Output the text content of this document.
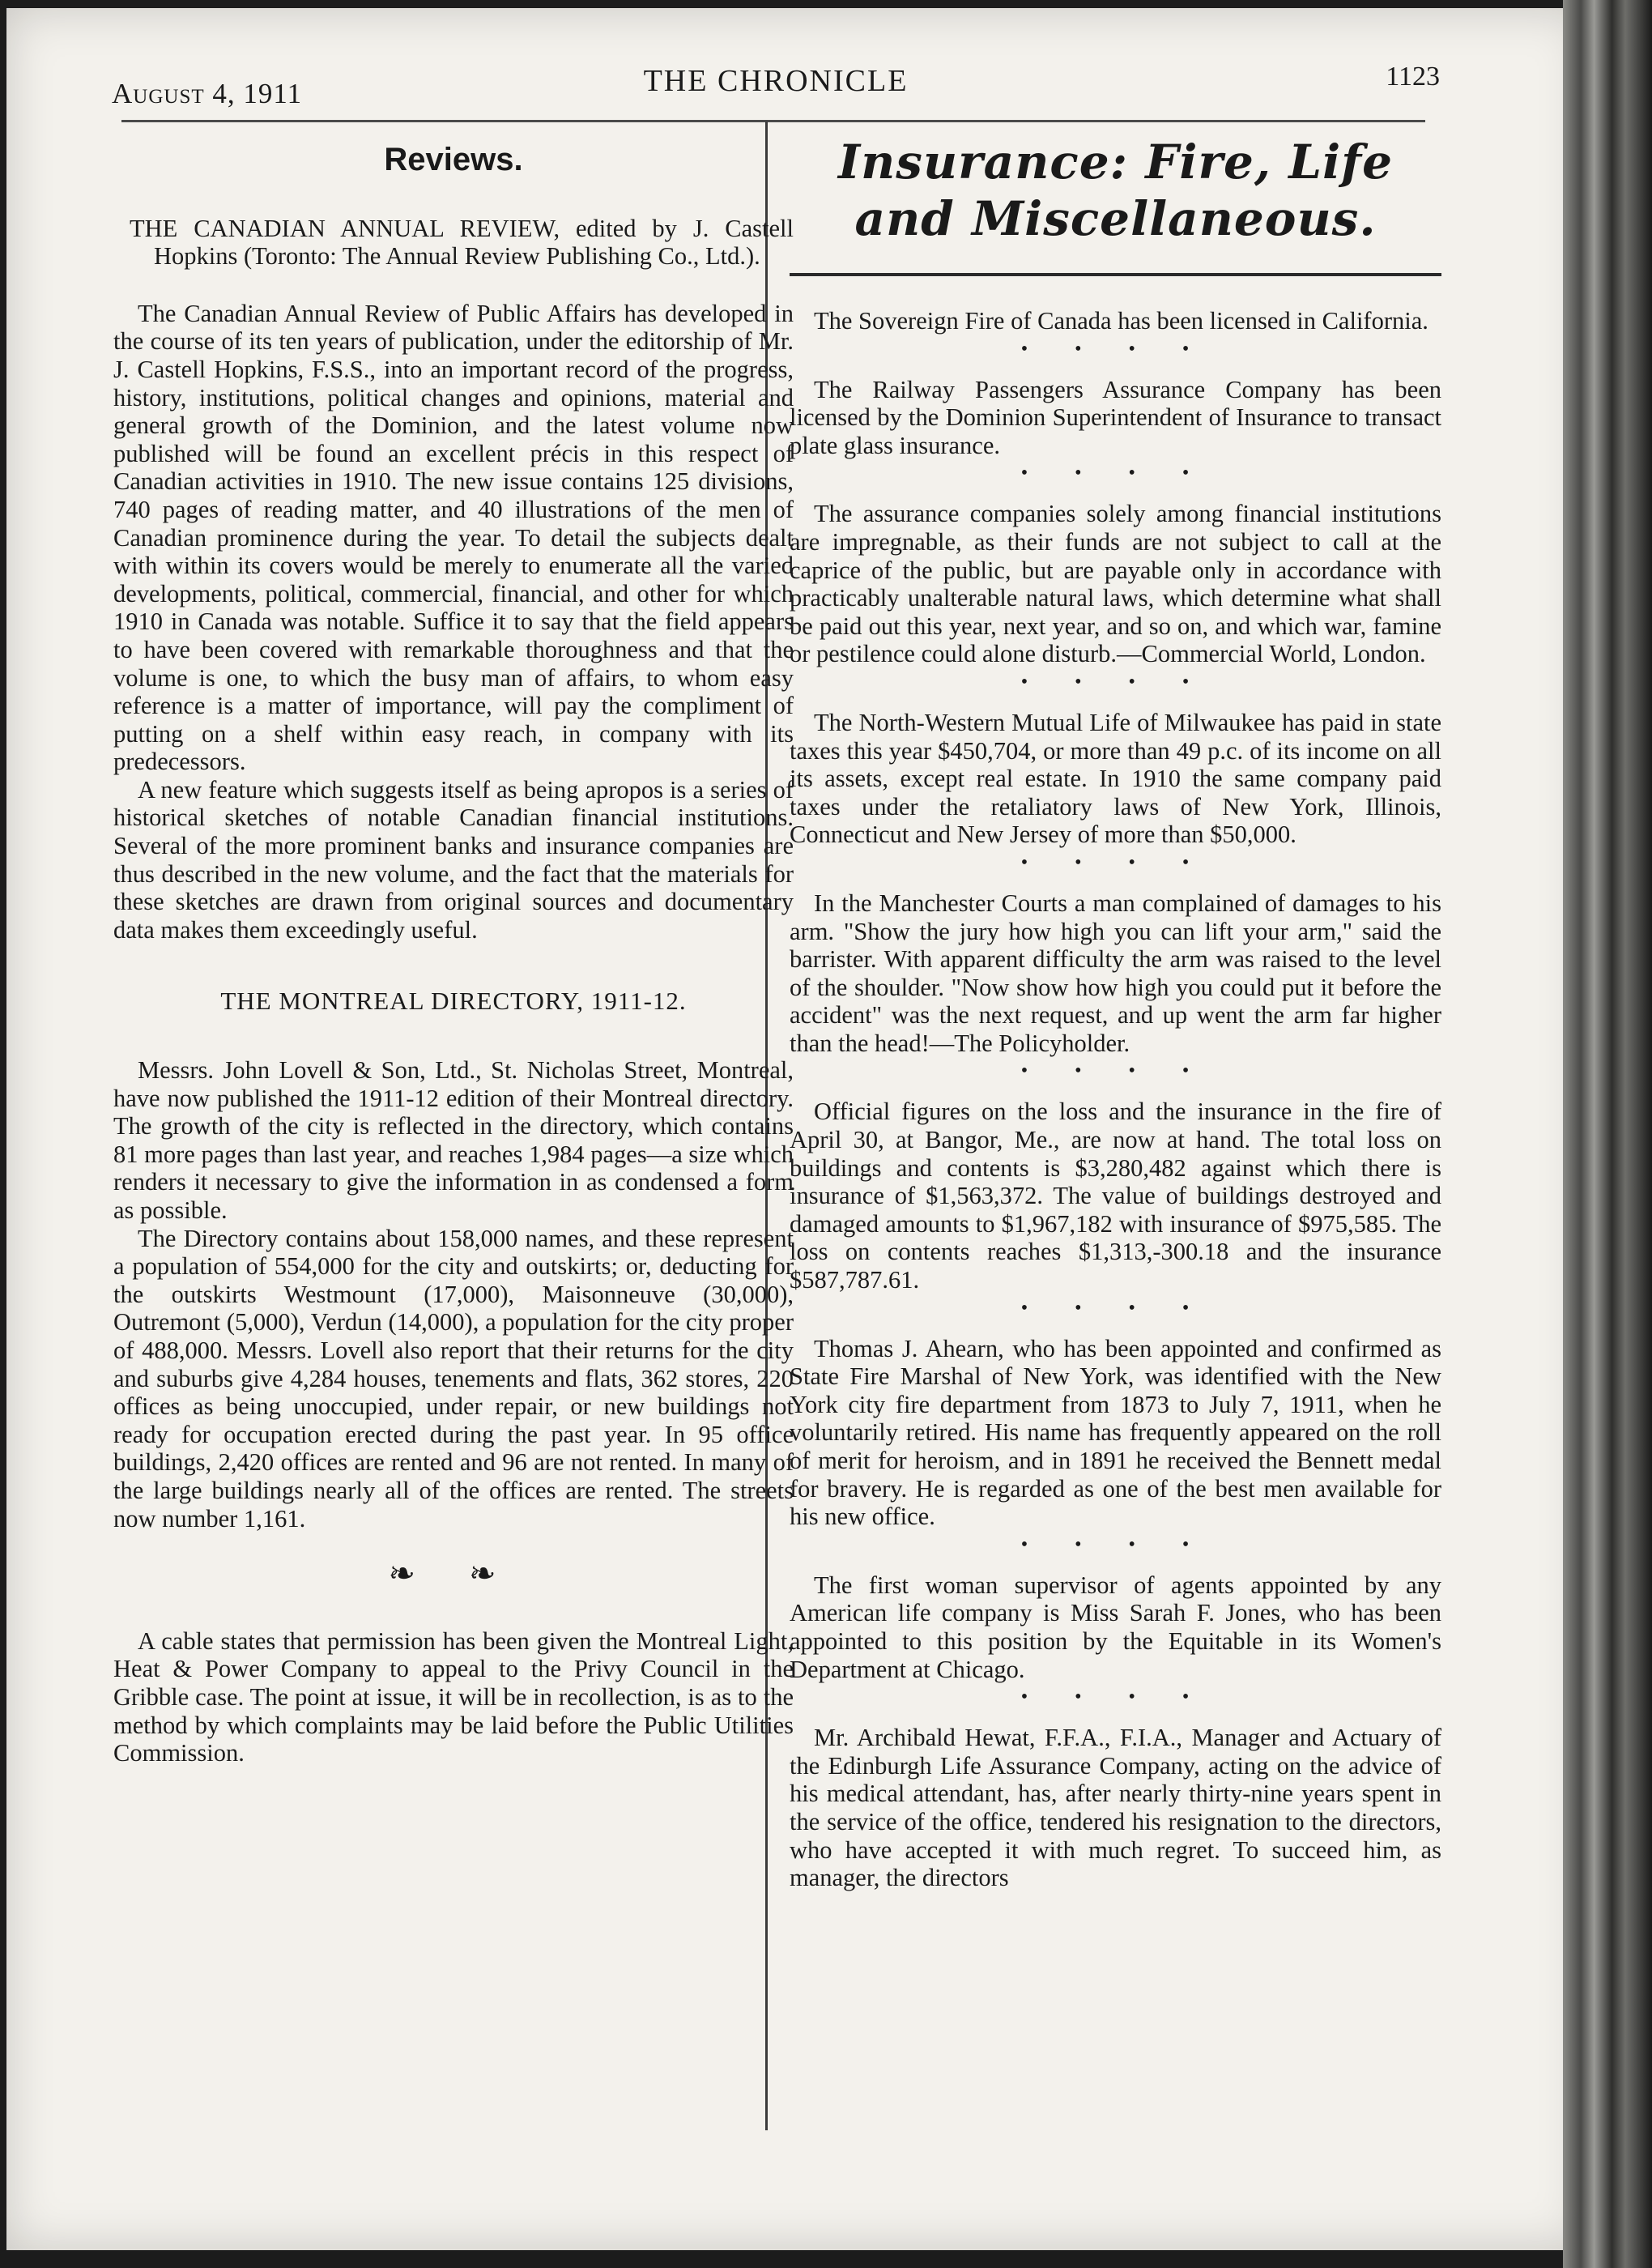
August 4, 1911	THE CHRONICLE	1123
Reviews.

THE CANADIAN ANNUAL REVIEW, edited by J. Castell Hopkins (Toronto: The Annual Review Publishing Co., Ltd.).

The Canadian Annual Review of Public Affairs has developed in the course of its ten years of publication, under the editorship of Mr. J. Castell Hopkins, F.S.S., into an important record of the progress, history, institutions, political changes and opinions, material and general growth of the Dominion, and the latest volume now published will be found an excellent précis in this respect of Canadian activities in 1910. The new issue contains 125 divisions, 740 pages of reading matter, and 40 illustrations of the men of Canadian prominence during the year. To detail the subjects dealt with within its covers would be merely to enumerate all the varied developments, political, commercial, financial, and other for which 1910 in Canada was notable. Suffice it to say that the field appears to have been covered with remarkable thoroughness and that the volume is one, to which the busy man of affairs, to whom easy reference is a matter of importance, will pay the compliment of putting on a shelf within easy reach, in company with its predecessors.

A new feature which suggests itself as being apropos is a series of historical sketches of notable Canadian financial institutions. Several of the more prominent banks and insurance companies are thus described in the new volume, and the fact that the materials for these sketches are drawn from original sources and documentary data makes them exceedingly useful.

THE MONTREAL DIRECTORY, 1911-12.

Messrs. John Lovell & Son, Ltd., St. Nicholas Street, Montreal, have now published the 1911-12 edition of their Montreal directory. The growth of the city is reflected in the directory, which contains 81 more pages than last year, and reaches 1,984 pages—a size which renders it necessary to give the information in as condensed a form as possible.

The Directory contains about 158,000 names, and these represent a population of 554,000 for the city and outskirts; or, deducting for the outskirts Westmount (17,000), Maisonneuve (30,000), Outremont (5,000), Verdun (14,000), a population for the city proper of 488,000. Messrs. Lovell also report that their returns for the city and suburbs give 4,284 houses, tenements and flats, 362 stores, 220 offices as being unoccupied, under repair, or new buildings not ready for occupation erected during the past year. In 95 office buildings, 2,420 offices are rented and 96 are not rented. In many of the large buildings nearly all of the offices are rented. The streets now number 1,161.

❧ ❧

A cable states that permission has been given the Montreal Light, Heat & Power Company to appeal to the Privy Council in the Gribble case. The point at issue, it will be in recollection, is as to the method by which complaints may be laid before the Public Utilities Commission.

Insurance: Fire, Life and Miscellaneous.

The Sovereign Fire of Canada has been licensed in California.

• • • •

The Railway Passengers Assurance Company has been licensed by the Dominion Superintendent of Insurance to transact plate glass insurance.

• • • •

The assurance companies solely among financial institutions are impregnable, as their funds are not subject to call at the caprice of the public, but are payable only in accordance with practicably unalterable natural laws, which determine what shall be paid out this year, next year, and so on, and which war, famine or pestilence could alone disturb.—Commercial World, London.

• • • •

The North-Western Mutual Life of Milwaukee has paid in state taxes this year $450,704, or more than 49 p.c. of its income on all its assets, except real estate. In 1910 the same company paid taxes under the retaliatory laws of New York, Illinois, Connecticut and New Jersey of more than $50,000.

• • • •

In the Manchester Courts a man complained of damages to his arm. "Show the jury how high you can lift your arm," said the barrister. With apparent difficulty the arm was raised to the level of the shoulder. "Now show how high you could put it before the accident" was the next request, and up went the arm far higher than the head!—The Policyholder.

• • • •

Official figures on the loss and the insurance in the fire of April 30, at Bangor, Me., are now at hand. The total loss on buildings and contents is $3,280,482 against which there is insurance of $1,563,372. The value of buildings destroyed and damaged amounts to $1,967,182 with insurance of $975,585. The loss on contents reaches $1,313,-300.18 and the insurance $587,787.61.

• • • •

Thomas J. Ahearn, who has been appointed and confirmed as State Fire Marshal of New York, was identified with the New York city fire department from 1873 to July 7, 1911, when he voluntarily retired. His name has frequently appeared on the roll of merit for heroism, and in 1891 he received the Bennett medal for bravery. He is regarded as one of the best men available for his new office.

• • • •

The first woman supervisor of agents appointed by any American life company is Miss Sarah F. Jones, who has been appointed to this position by the Equitable in its Women's Department at Chicago.

• • • •

Mr. Archibald Hewat, F.F.A., F.I.A., Manager and Actuary of the Edinburgh Life Assurance Company, acting on the advice of his medical attendant, has, after nearly thirty-nine years spent in the service of the office, tendered his resignation to the directors, who have accepted it with much regret. To succeed him, as manager, the directors
